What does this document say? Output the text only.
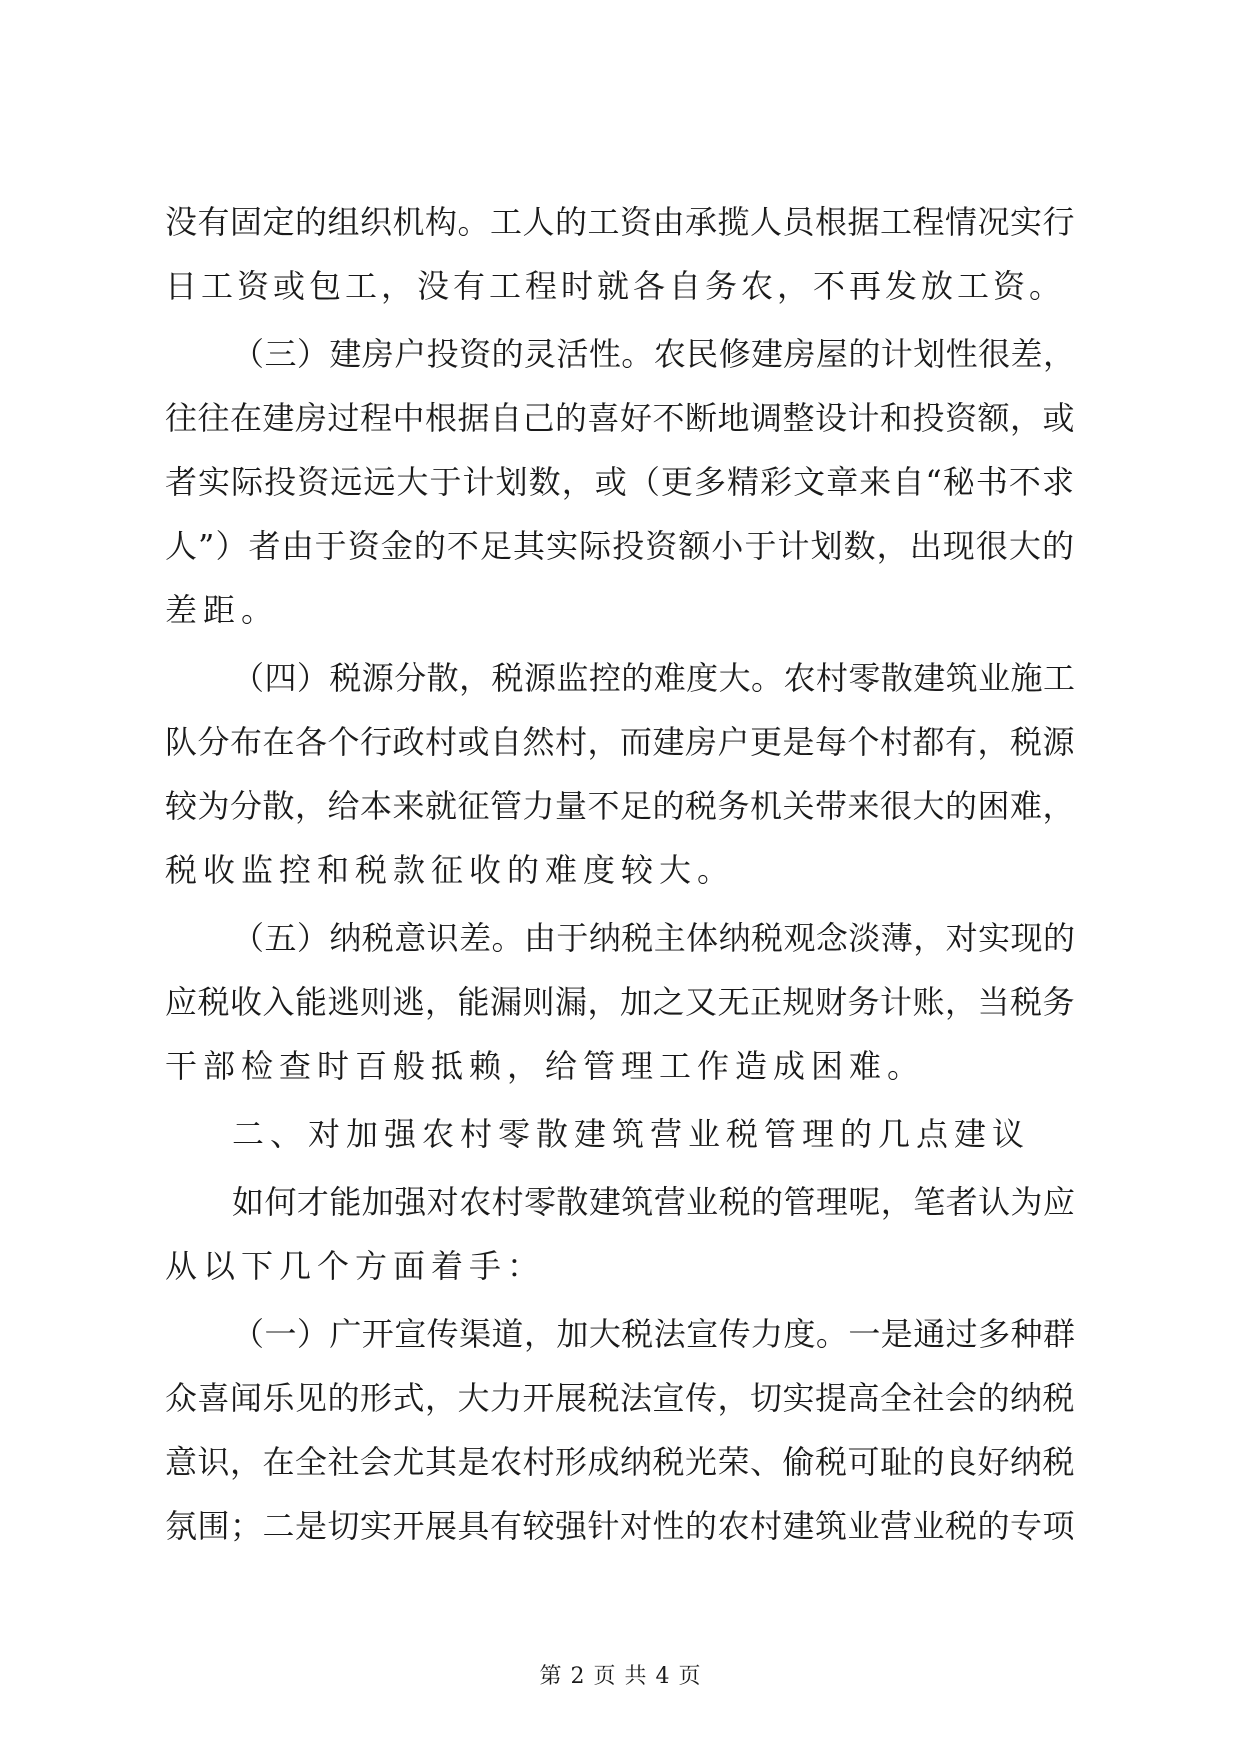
没有固定的组织机构。工人的工资由承揽人员根据工程情况实行
日工资或包工，没有工程时就各自务农，不再发放工资。
（三）建房户投资的灵活性。农民修建房屋的计划性很差，
往往在建房过程中根据自己的喜好不断地调整设计和投资额，或
者实际投资远远大于计划数，或（更多精彩文章来自“秘书不求
人”）者由于资金的不足其实际投资额小于计划数，出现很大的
差距。
（四）税源分散，税源监控的难度大。农村零散建筑业施工
队分布在各个行政村或自然村，而建房户更是每个村都有，税源
较为分散，给本来就征管力量不足的税务机关带来很大的困难，
税收监控和税款征收的难度较大。
（五）纳税意识差。由于纳税主体纳税观念淡薄，对实现的
应税收入能逃则逃，能漏则漏，加之又无正规财务计账，当税务
干部检查时百般抵赖，给管理工作造成困难。
二、对加强农村零散建筑营业税管理的几点建议
如何才能加强对农村零散建筑营业税的管理呢，笔者认为应
从以下几个方面着手：
（一）广开宣传渠道，加大税法宣传力度。一是通过多种群
众喜闻乐见的形式，大力开展税法宣传，切实提高全社会的纳税
意识，在全社会尤其是农村形成纳税光荣、偷税可耻的良好纳税
氛围；二是切实开展具有较强针对性的农村建筑业营业税的专项
第 2 页 共 4 页
